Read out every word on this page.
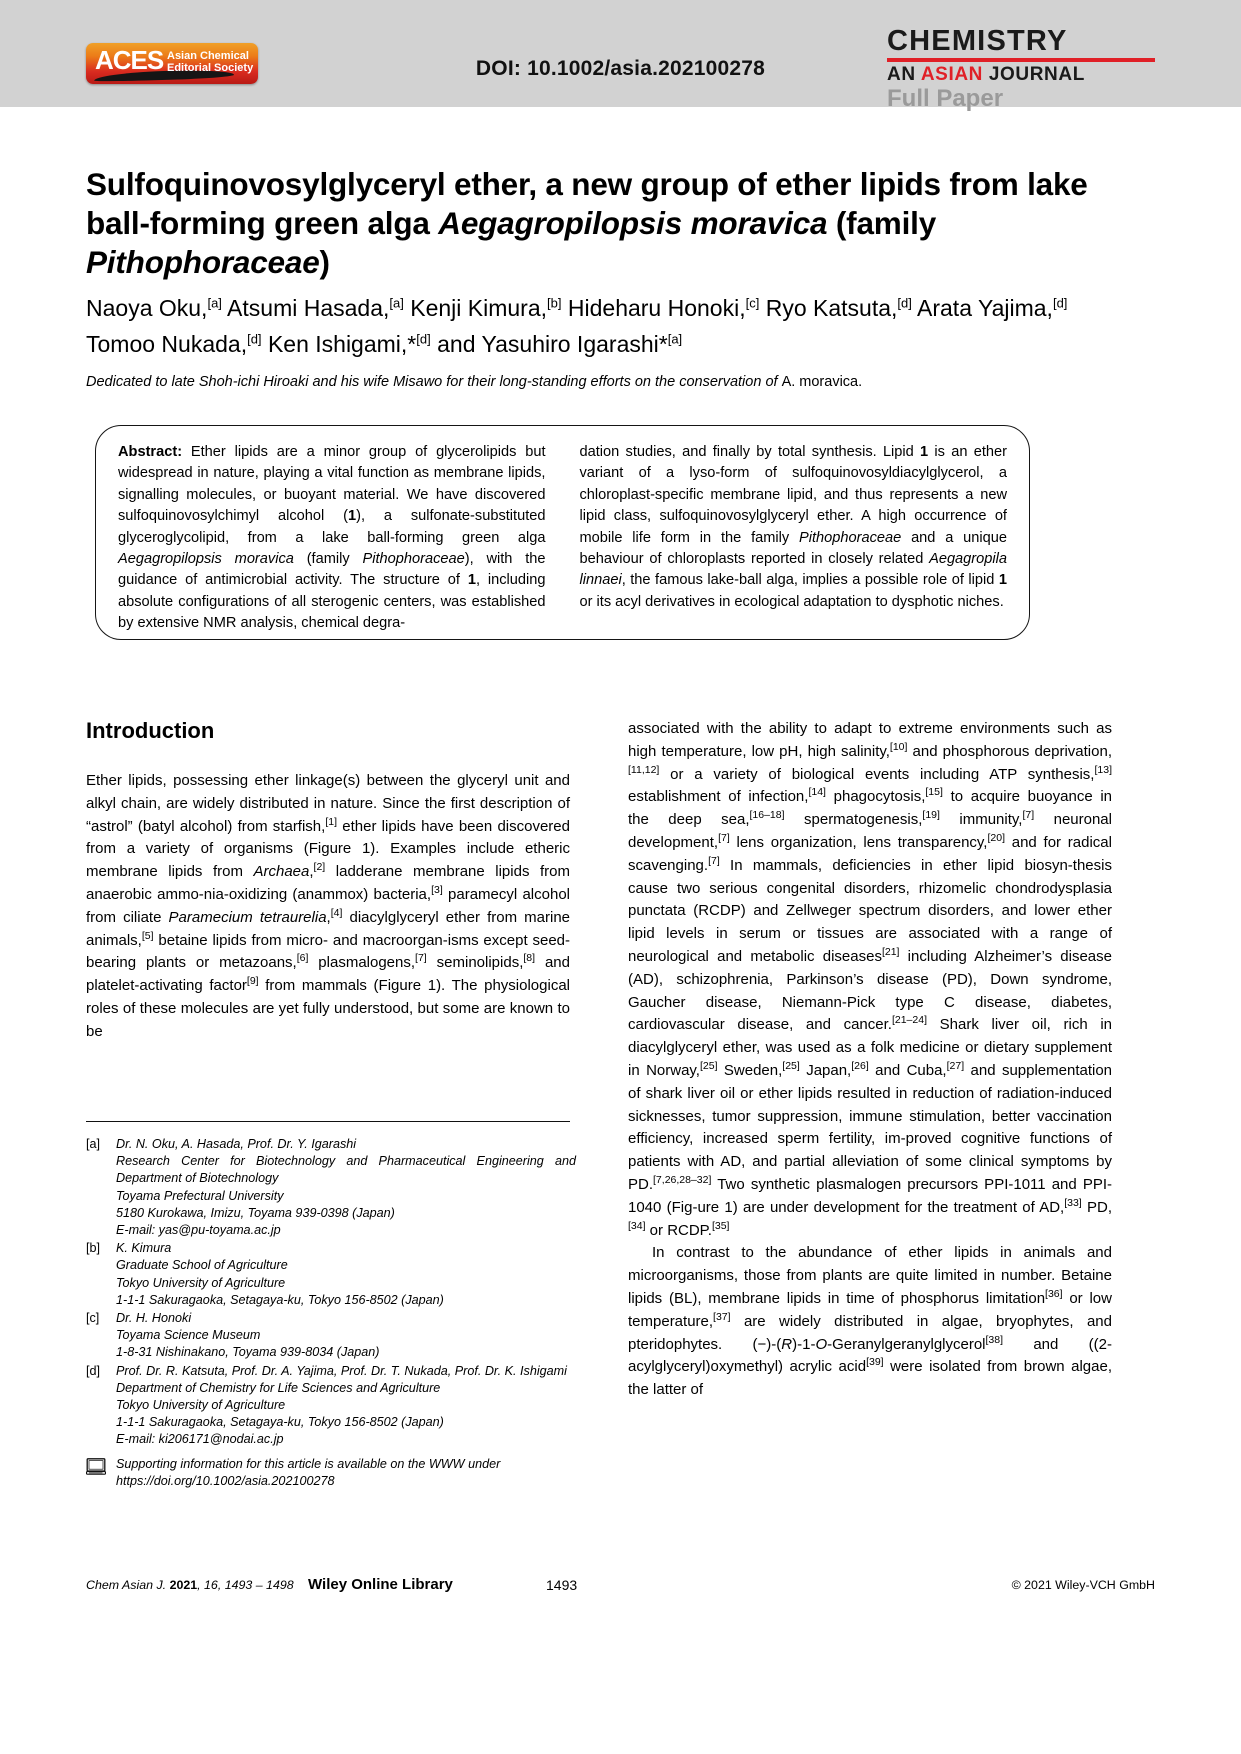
ACES Asian Chemical
Editorial Society	DOI: 10.1002/asia.202100278
CHEMISTRY
AN ASIAN JOURNAL
Full Paper
Sulfoquinovosylglyceryl ether, a new group of ether lipids from lake ball-forming green alga Aegagropilopsis moravica (family Pithophoraceae)
Naoya Oku,[a] Atsumi Hasada,[a] Kenji Kimura,[b] Hideharu Honoki,[c] Ryo Katsuta,[d] Arata Yajima,[d] Tomoo Nukada,[d] Ken Ishigami,*[d] and Yasuhiro Igarashi*[a]
Dedicated to late Shoh-ichi Hiroaki and his wife Misawo for their long-standing efforts on the conservation of A. moravica.
Abstract: Ether lipids are a minor group of glycerolipids but widespread in nature, playing a vital function as membrane lipids, signalling molecules, or buoyant material. We have discovered sulfoquinovosylchimyl alcohol (1), a sulfonate-substituted glyceroglycolipid, from a lake ball-forming green alga Aegagropilopsis moravica (family Pithophoraceae), with the guidance of antimicrobial activity. The structure of 1, including absolute configurations of all sterogenic centers, was established by extensive NMR analysis, chemical degra-
dation studies, and finally by total synthesis. Lipid 1 is an ether variant of a lyso-form of sulfoquinovosyldiacylglycerol, a chloroplast-specific membrane lipid, and thus represents a new lipid class, sulfoquinovosylglyceryl ether. A high occurrence of mobile life form in the family Pithophoraceae and a unique behaviour of chloroplasts reported in closely related Aegagropila linnaei, the famous lake-ball alga, implies a possible role of lipid 1 or its acyl derivatives in ecological adaptation to dysphotic niches.
Introduction

Ether lipids, possessing ether linkage(s) between the glyceryl unit and alkyl chain, are widely distributed in nature. Since the first description of “astrol” (batyl alcohol) from starfish,[1] ether lipids have been discovered from a variety of organisms (Figure 1). Examples include etheric membrane lipids from Archaea,[2] ladderane membrane lipids from anaerobic ammo-nia-oxidizing (anammox) bacteria,[3] paramecyl alcohol from ciliate Paramecium tetraurelia,[4] diacylglyceryl ether from marine animals,[5] betaine lipids from micro- and macroorgan-isms except seed-bearing plants or metazoans,[6] plasmalogens,[7] seminolipids,[8] and platelet-activating factor[9] from mammals (Figure 1). The physiological roles of these molecules are yet fully understood, but some are known to be

associated with the ability to adapt to extreme environments such as high temperature, low pH, high salinity,[10] and phosphorous deprivation,[11,12] or a variety of biological events including ATP synthesis,[13] establishment of infection,[14] phagocytosis,[15] to acquire buoyance in the deep sea,[16–18] spermatogenesis,[19] immunity,[7] neuronal development,[7] lens organization, lens transparency,[20] and for radical scavenging.[7] In mammals, deficiencies in ether lipid biosyn-thesis cause two serious congenital disorders, rhizomelic chondrodysplasia punctata (RCDP) and Zellweger spectrum disorders, and lower ether lipid levels in serum or tissues are associated with a range of neurological and metabolic diseases[21] including Alzheimer’s disease (AD), schizophrenia, Parkinson’s disease (PD), Down syndrome, Gaucher disease, Niemann-Pick type C disease, diabetes, cardiovascular disease, and cancer.[21–24] Shark liver oil, rich in diacylglyceryl ether, was used as a folk medicine or dietary supplement in Norway,[25] Sweden,[25] Japan,[26] and Cuba,[27] and supplementation of shark liver oil or ether lipids resulted in reduction of radiation-induced sicknesses, tumor suppression, immune stimulation, better vaccination efficiency, increased sperm fertility, im-proved cognitive functions of patients with AD, and partial alleviation of some clinical symptoms by PD.[7,26,28–32] Two synthetic plasmalogen precursors PPI-1011 and PPI-1040 (Fig-ure 1) are under development for the treatment of AD,[33] PD,[34] or RCDP.[35]

In contrast to the abundance of ether lipids in animals and microorganisms, those from plants are quite limited in number. Betaine lipids (BL), membrane lipids in time of phosphorus limitation[36] or low temperature,[37] are widely distributed in algae, bryophytes, and pteridophytes. (−)-(R)-1-O-Geranylgeranylglycerol[38] and ((2-acylglyceryl)oxymethyl) acrylic acid[39] were isolated from brown algae, the latter of

[a]	Dr. N. Oku, A. Hasada, Prof. Dr. Y. Igarashi
Research Center for Biotechnology and Pharmaceutical Engineering and Department of Biotechnology
Toyama Prefectural University
5180 Kurokawa, Imizu, Toyama 939-0398 (Japan)
E-mail: yas@pu-toyama.ac.jp
[b]	K. Kimura
Graduate School of Agriculture
Tokyo University of Agriculture
1-1-1 Sakuragaoka, Setagaya-ku, Tokyo 156-8502 (Japan)
[c]	Dr. H. Honoki
Toyama Science Museum
1-8-31 Nishinakano, Toyama 939-8034 (Japan)
[d]	Prof. Dr. R. Katsuta, Prof. Dr. A. Yajima, Prof. Dr. T. Nukada, Prof. Dr. K. Ishigami
Department of Chemistry for Life Sciences and Agriculture
Tokyo University of Agriculture
1-1-1 Sakuragaoka, Setagaya-ku, Tokyo 156-8502 (Japan)
E-mail: ki206171@nodai.ac.jp
Supporting information for this article is available on the WWW under
https://doi.org/10.1002/asia.202100278
Chem Asian J. 2021, 16, 1493 – 1498 Wiley Online Library	1493	© 2021 Wiley-VCH GmbH
